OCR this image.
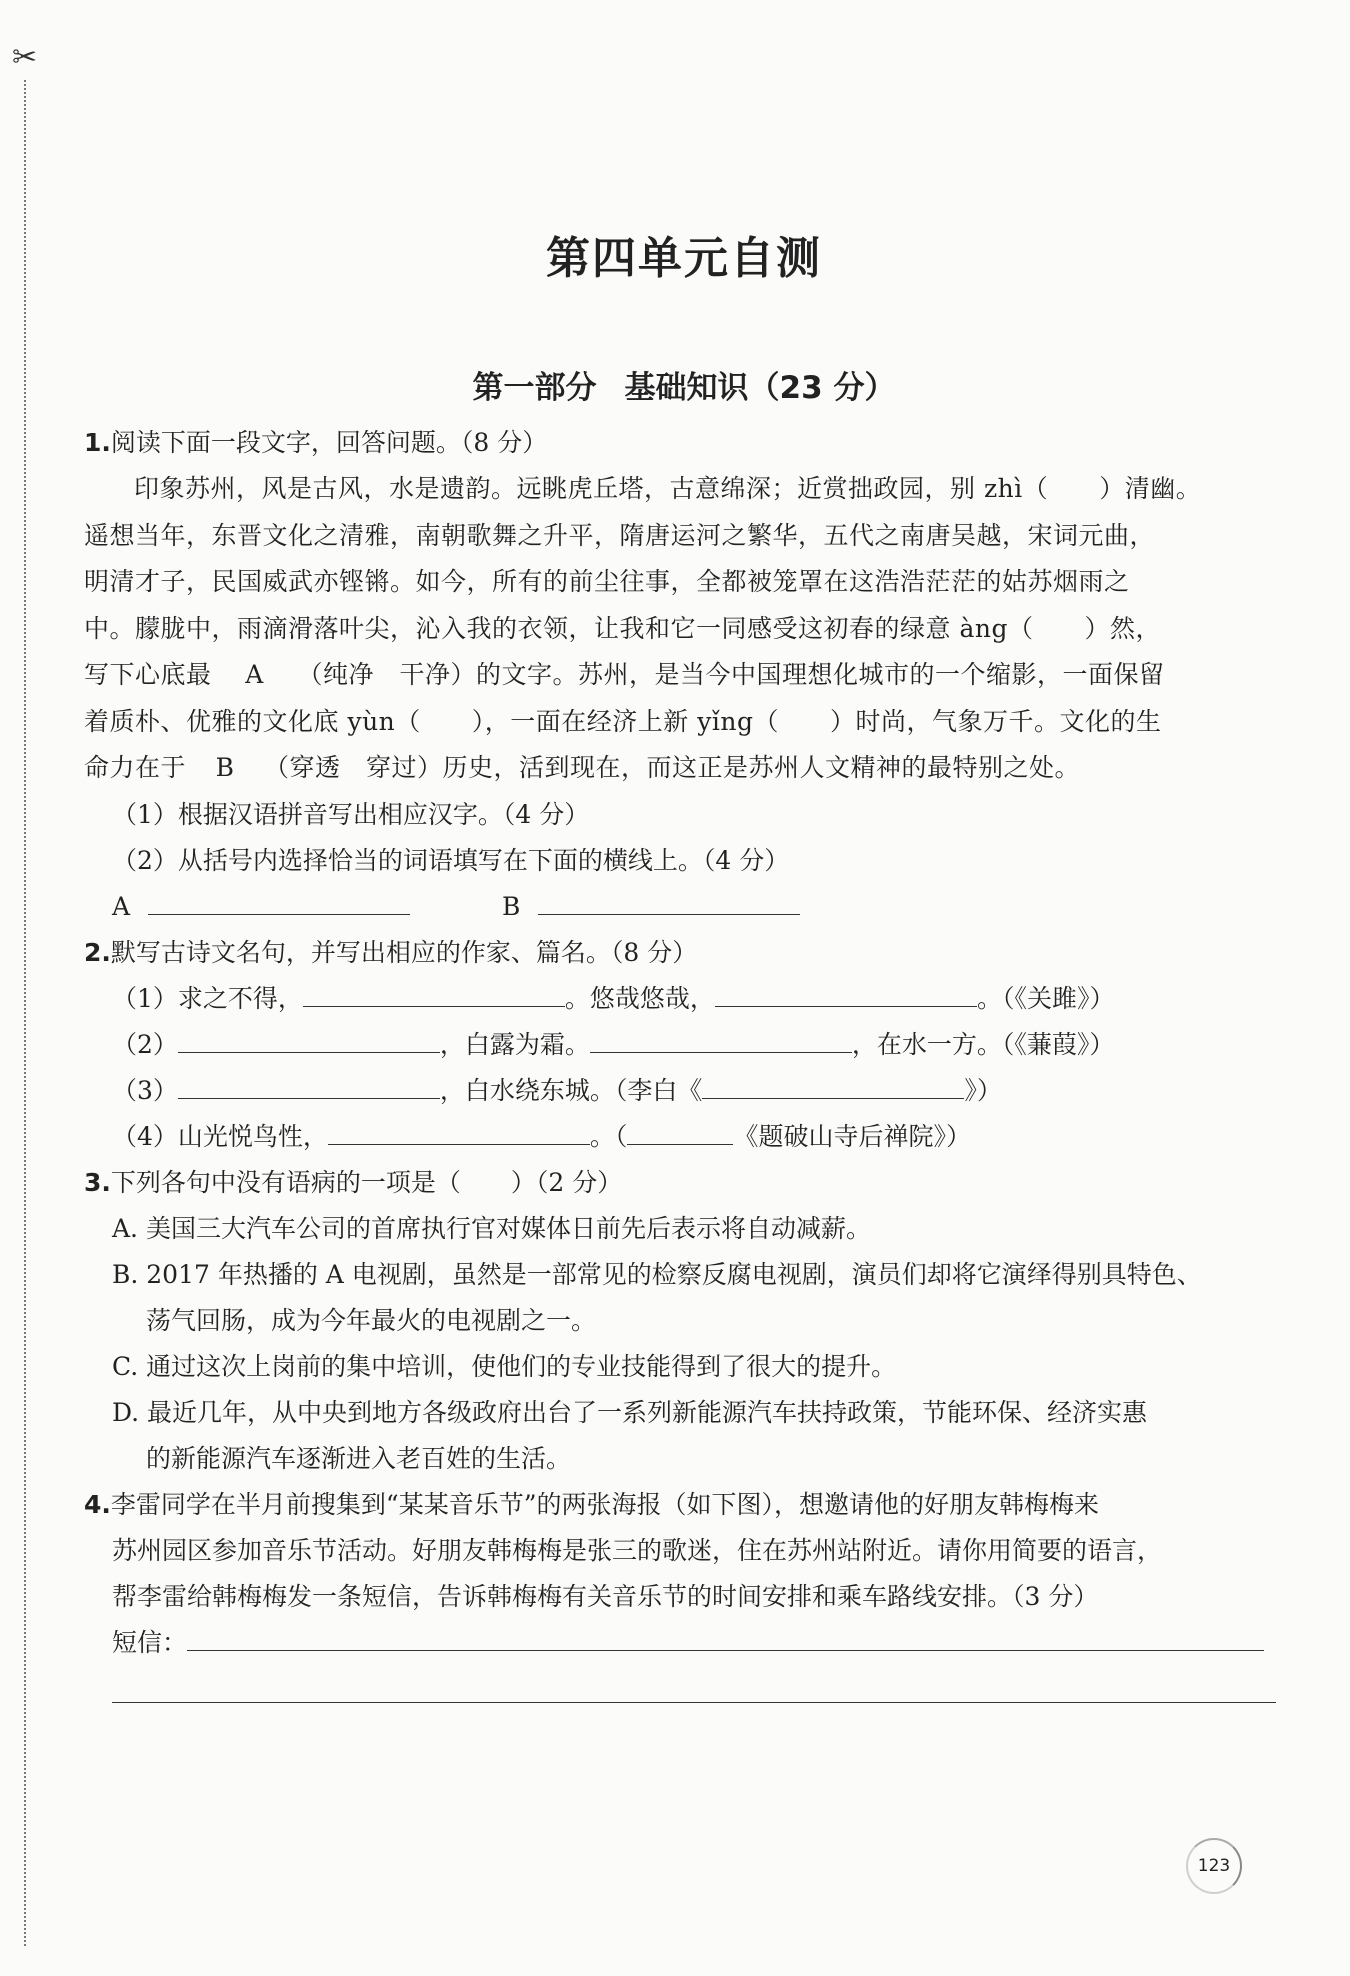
✂
第四单元自测
第一部分 基础知识（23 分）
1.阅读下面一段文字，回答问题。（8 分）
印象苏州，风是古风，水是遗韵。远眺虎丘塔，古意绵深；近赏拙政园，别 zhì（　　）清幽。
遥想当年，东晋文化之清雅，南朝歌舞之升平，隋唐运河之繁华，五代之南唐吴越，宋词元曲，
明清才子，民国威武亦铿锵。如今，所有的前尘往事，全都被笼罩在这浩浩茫茫的姑苏烟雨之
中。朦胧中，雨滴滑落叶尖，沁入我的衣领，让我和它一同感受这初春的绿意 àng（　　）然，
写下心底最 A （纯净　干净）的文字。苏州，是当今中国理想化城市的一个缩影，一面保留
着质朴、优雅的文化底 yùn（　　），一面在经济上新 yǐng（　　）时尚，气象万千。文化的生
命力在于 B （穿透　穿过）历史，活到现在，而这正是苏州人文精神的最特别之处。
（1）根据汉语拼音写出相应汉字。（4 分）
（2）从括号内选择恰当的词语填写在下面的横线上。（4 分）
A	B
2.默写古诗文名句，并写出相应的作家、篇名。（8 分）
（1）求之不得，	。悠哉悠哉，	。（《关雎》）
（2）	，白露为霜。	，在水一方。（《蒹葭》）
（3）	，白水绕东城。（李白《	》）
（4）山光悦鸟性，	。（	《题破山寺后禅院》）
3.下列各句中没有语病的一项是（　　）（2 分）
A. 美国三大汽车公司的首席执行官对媒体日前先后表示将自动减薪。
B. 2017 年热播的 A 电视剧，虽然是一部常见的检察反腐电视剧，演员们却将它演绎得别具特色、
荡气回肠，成为今年最火的电视剧之一。
C. 通过这次上岗前的集中培训，使他们的专业技能得到了很大的提升。
D. 最近几年，从中央到地方各级政府出台了一系列新能源汽车扶持政策，节能环保、经济实惠
的新能源汽车逐渐进入老百姓的生活。
4.李雷同学在半月前搜集到“某某音乐节”的两张海报（如下图），想邀请他的好朋友韩梅梅来
苏州园区参加音乐节活动。好朋友韩梅梅是张三的歌迷，住在苏州站附近。请你用简要的语言，
帮李雷给韩梅梅发一条短信，告诉韩梅梅有关音乐节的时间安排和乘车路线安排。（3 分）
短信：
123
